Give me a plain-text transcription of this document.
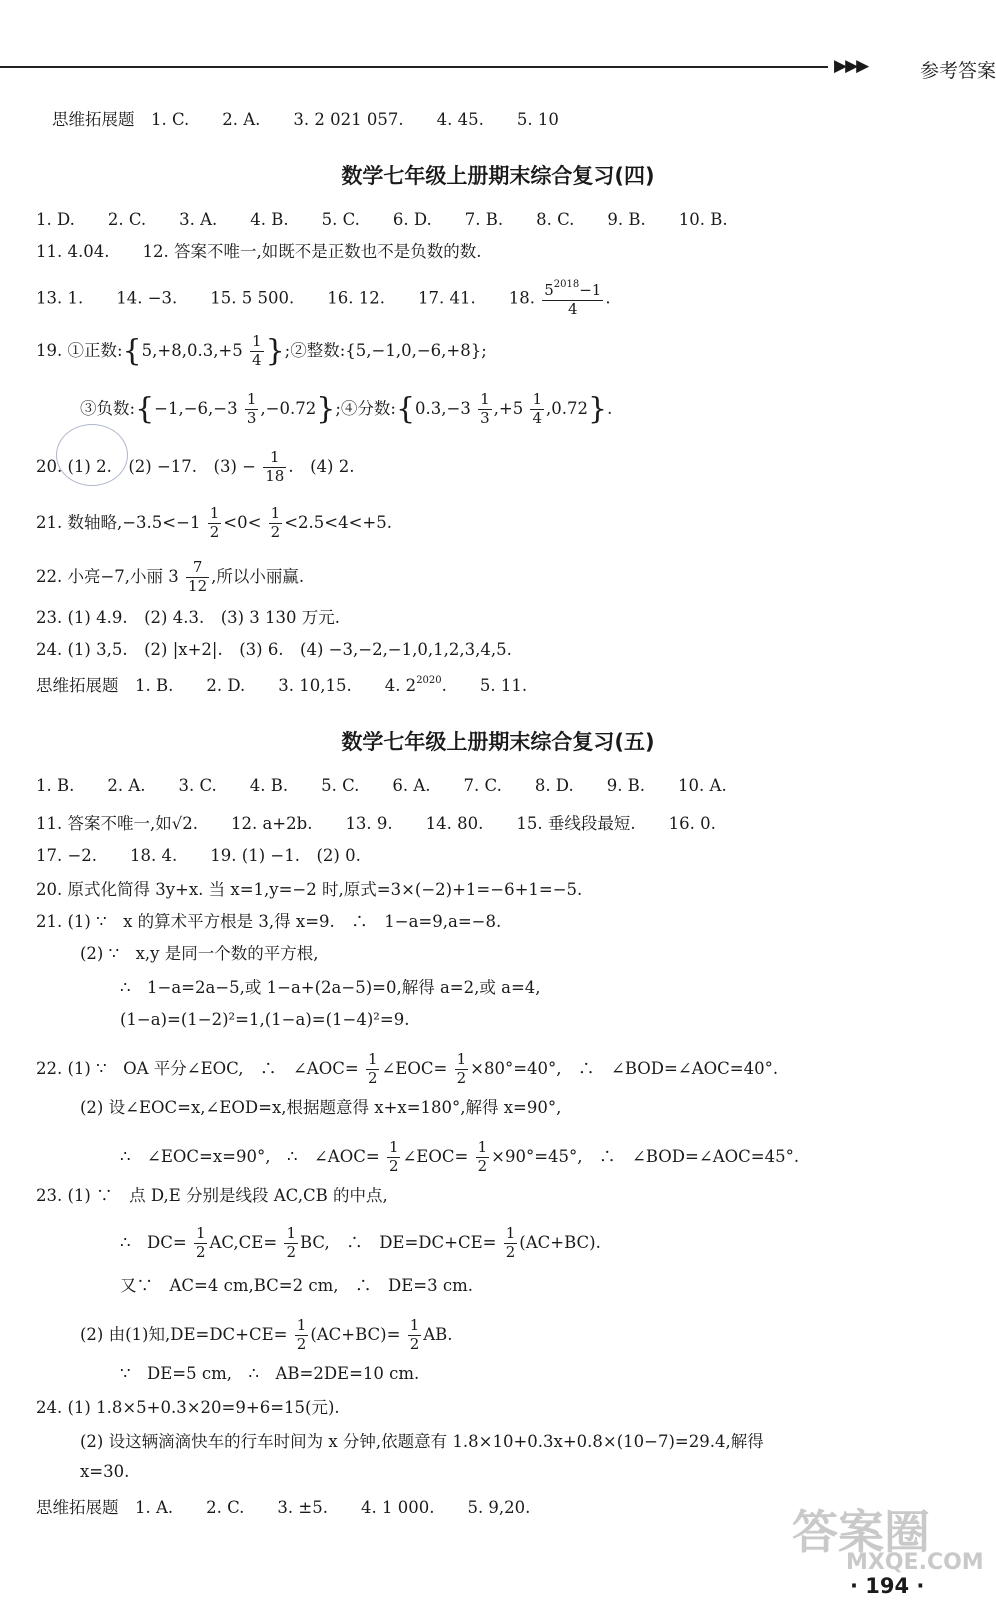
▶▶▶	参考答案
思维拓展题　1. C.　　2. A.　　3. 2 021 057.　　4. 45.　　5. 10
数学七年级上册期末综合复习(四)
1. D.　　2. C.　　3. A.　　4. B.　　5. C.　　6. D.　　7. B.　　8. C.　　9. B.　　10. B.
11. 4.04.　　12. 答案不唯一,如既不是正数也不是负数的数.
13. 1.　　14. −3.　　15. 5 500.　　16. 12.　　17. 41.　　18. $\frac{5^{2018}-1}{4}$ .
19. ①正数:{5,+8,0.3,+5 $\frac{1}{4}$ };②整数:{5,−1,0,−6,+8};
③负数:{−1,−6,−3 $\frac{1}{3}$ ,−0.72};④分数:{0.3,−3 $\frac{1}{3} ,+5 \frac{1}{4} ,0.72$}.
20. (1) 2.　(2) −17.　$(3) - \frac{1}{18}$ .　(4) 2.
21. 数轴略$,-3.5<-1 \frac{1}{2} <0< \frac{1}{2} <2.5<4<+5$.
22. 小亮−7,小丽 $3 \frac{7}{12}$ ,所以小丽赢.
23. (1) 4.9.　(2) 4.3.　(3) 3 130 万元.
24. (1) 3,5.　(2) |x+2|.　(3) 6.　(4) −3,−2,−1,0,1,2,3,4,5.
思维拓展题　1. B.　　2. D.　　3. 10,15.　　4. $2^{2020}$.　　5. 11.
数学七年级上册期末综合复习(五)
1. B.　　2. A.　　3. C.　　4. B.　　5. C.　　6. A.　　7. C.　　8. D.　　9. B.　　10. A.
11. 答案不唯一,如√2.　　12. a+2b.　　13. 9.　　14. 80.　　15. 垂线段最短.　　16. 0.
17. −2.　　18. 4.　　19. (1) −1.　(2) 0.
20. 原式化简得 3y+x. 当 x=1,y=−2 时,原式=3×(−2)+1=−6+1=−5.
21. (1) ∵　x 的算术平方根是 3,得 x=9.　∴　1−a=9,a=−8.
(2) ∵　x,y 是同一个数的平方根,
∴　1−a=2a−5,或 1−a+(2a−5)=0,解得 a=2,或 a=4,
(1−a)=(1−2)²=1,(1−a)=(1−4)²=9.
22. (1) ∵　OA 平分∠EOC,　∴　∠AOC= $\frac{1}{2}$ ∠EOC= $\frac{1}{2} \times 80^\circ=40^\circ$,　∴　∠BOD=∠AOC=40°.
(2) 设∠EOC=x,∠EOD=x,根据题意得 x+x=180°,解得 x=90°,
∴　∠EOC=x=90°,　∴　∠AOC= $\frac{1}{2}$ ∠EOC= $\frac{1}{2} \times 90^\circ=45^\circ$,　∴　∠BOD=∠AOC=45°.
23. (1) ∵　点 D,E 分别是线段 AC,CB 的中点,
∴　$DC= \frac{1}{2} AC,CE= \frac{1}{2}$ BC,　∴　$DE=DC+CE= \frac{1}{2} (AC+BC)$.
又∵　AC=4 cm,BC=2 cm,　∴　DE=3 cm.
(2) 由(1)知$,DE=DC+CE= \frac{1}{2} (AC+BC)= \frac{1}{2}$ AB.
∵　DE=5 cm,　∴　AB=2DE=10 cm.
24. (1) 1.8×5+0.3×20=9+6=15(元).
(2) 设这辆滴滴快车的行车时间为 x 分钟,依题意有 1.8×10+0.3x+0.8×(10−7)=29.4,解得
x=30.
思维拓展题　1. A.　　2. C.　　3. ±5.　　4. 1 000.　　5. 9,20.	答案圈
MXQE.COM
· 194 ·
